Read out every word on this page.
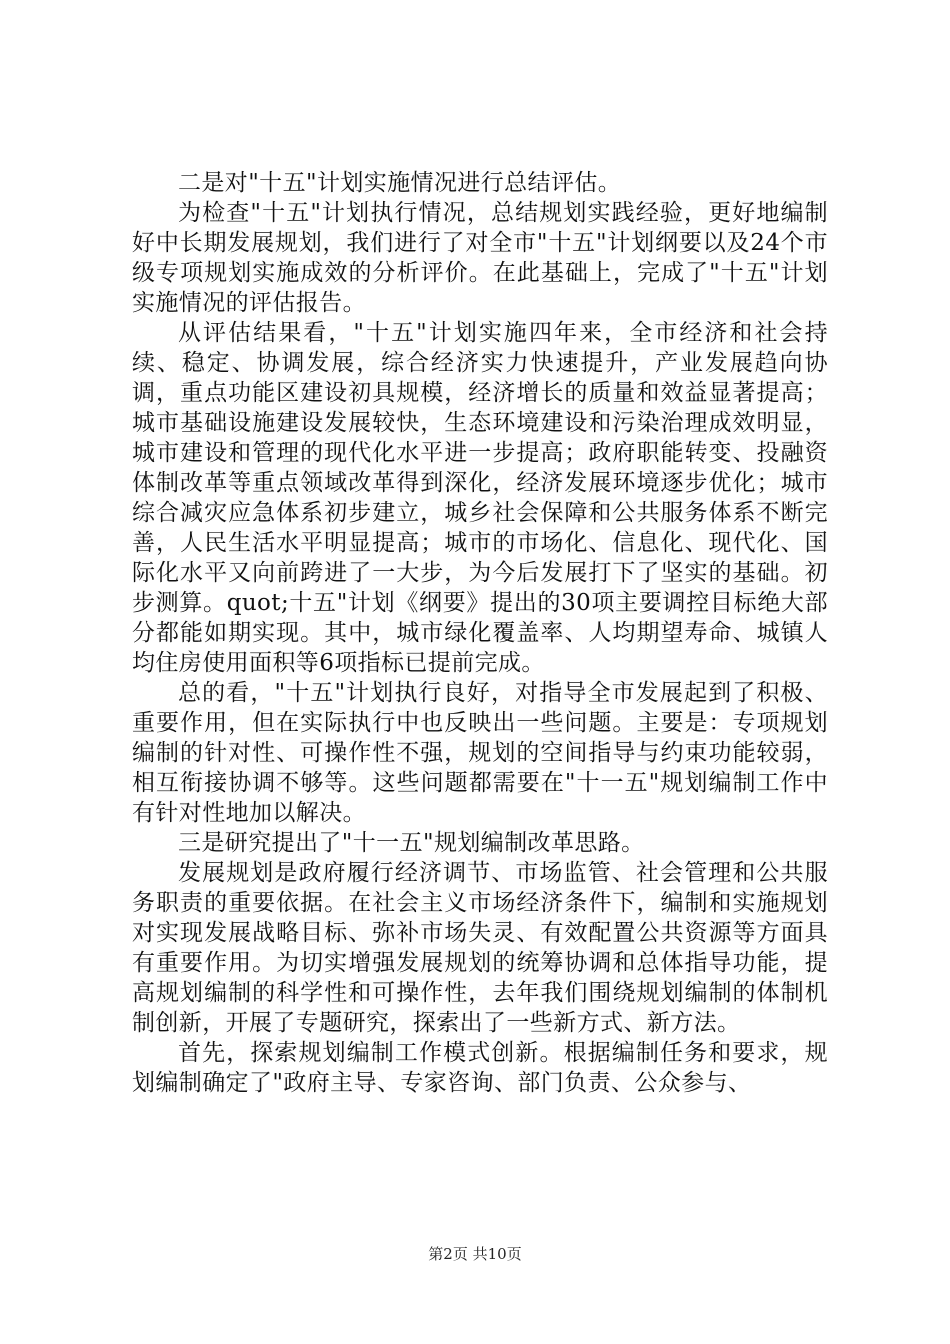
二是对"十五"计划实施情况进行总结评估。

为检查"十五"计划执行情况，总结规划实践经验，更好地编制好中长期发展规划，我们进行了对全市"十五"计划纲要以及24个市级专项规划实施成效的分析评价。在此基础上，完成了"十五"计划实施情况的评估报告。

从评估结果看，"十五"计划实施四年来，全市经济和社会持续、稳定、协调发展，综合经济实力快速提升，产业发展趋向协调，重点功能区建设初具规模，经济增长的质量和效益显著提高；城市基础设施建设发展较快，生态环境建设和污染治理成效明显，城市建设和管理的现代化水平进一步提高；政府职能转变、投融资体制改革等重点领域改革得到深化，经济发展环境逐步优化；城市综合减灾应急体系初步建立，城乡社会保障和公共服务体系不断完善，人民生活水平明显提高；城市的市场化、信息化、现代化、国际化水平又向前跨进了一大步，为今后发展打下了坚实的基础。初步测算。quot;十五"计划《纲要》提出的30项主要调控目标绝大部分都能如期实现。其中，城市绿化覆盖率、人均期望寿命、城镇人均住房使用面积等6项指标已提前完成。

总的看，"十五"计划执行良好，对指导全市发展起到了积极、重要作用，但在实际执行中也反映出一些问题。主要是：专项规划编制的针对性、可操作性不强，规划的空间指导与约束功能较弱，相互衔接协调不够等。这些问题都需要在"十一五"规划编制工作中有针对性地加以解决。

三是研究提出了"十一五"规划编制改革思路。

发展规划是政府履行经济调节、市场监管、社会管理和公共服务职责的重要依据。在社会主义市场经济条件下，编制和实施规划对实现发展战略目标、弥补市场失灵、有效配置公共资源等方面具有重要作用。为切实增强发展规划的统筹协调和总体指导功能，提高规划编制的科学性和可操作性，去年我们围绕规划编制的体制机制创新，开展了专题研究，探索出了一些新方式、新方法。

首先，探索规划编制工作模式创新。根据编制任务和要求，规划编制确定了"政府主导、专家咨询、部门负责、公众参与、

第2页 共10页
